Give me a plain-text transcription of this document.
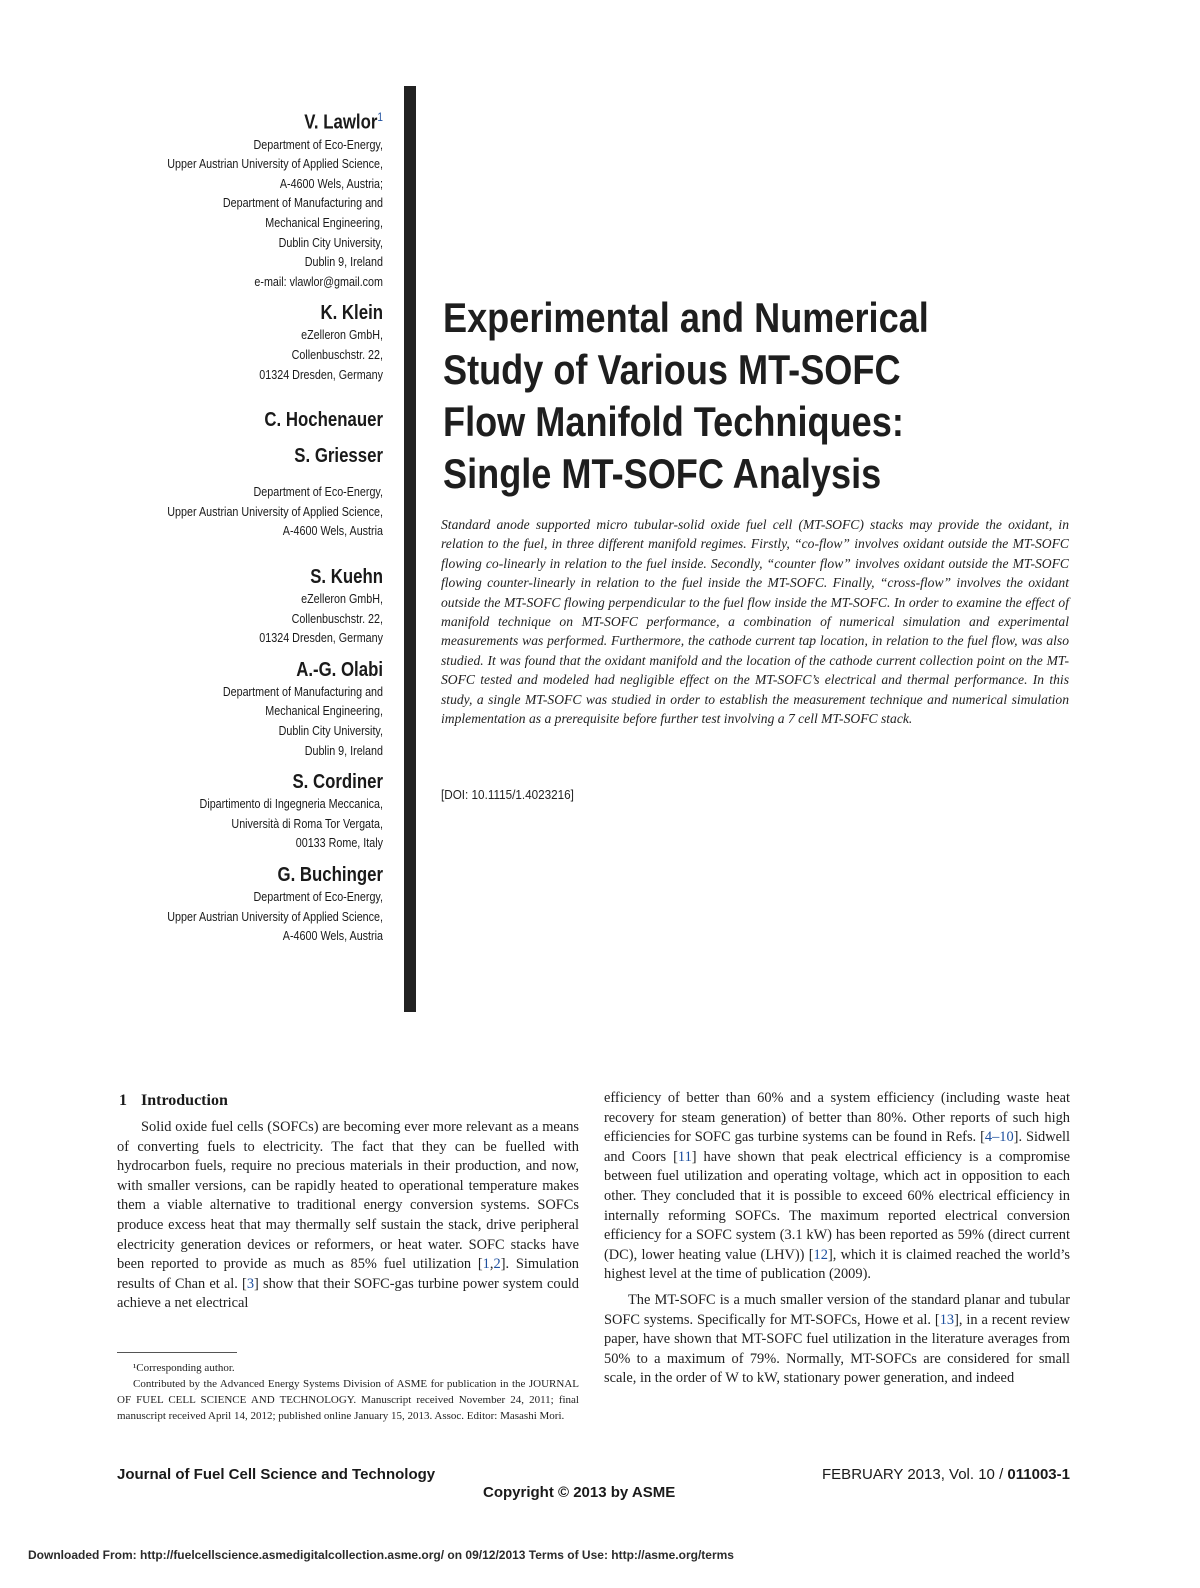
V. Lawlor$^1$
Department of Eco-Energy,
Upper Austrian University of Applied Science,
A-4600 Wels, Austria;
Department of Manufacturing and
Mechanical Engineering,
Dublin City University,
Dublin 9, Ireland
e-mail: vlawlor@gmail.com
K. Klein
eZelleron GmbH,
Collenbuschstr. 22,
01324 Dresden, Germany
C. Hochenauer
S. Griesser
Department of Eco-Energy,
Upper Austrian University of Applied Science,
A-4600 Wels, Austria
S. Kuehn
eZelleron GmbH,
Collenbuschstr. 22,
01324 Dresden, Germany
A.-G. Olabi
Department of Manufacturing and
Mechanical Engineering,
Dublin City University,
Dublin 9, Ireland
S. Cordiner
Dipartimento di Ingegneria Meccanica,
Università di Roma Tor Vergata,
00133 Rome, Italy
G. Buchinger
Department of Eco-Energy,
Upper Austrian University of Applied Science,
A-4600 Wels, Austria
Experimental and Numerical
Study of Various MT-SOFC
Flow Manifold Techniques:
Single MT-SOFC Analysis
Standard anode supported micro tubular-solid oxide fuel cell (MT-SOFC) stacks may provide the oxidant, in relation to the fuel, in three different manifold regimes. Firstly, “co-flow” involves oxidant outside the MT-SOFC flowing co-linearly in relation to the fuel inside. Secondly, “counter flow” involves oxidant outside the MT-SOFC flowing counter-linearly in relation to the fuel inside the MT-SOFC. Finally, “cross-flow” involves the oxidant outside the MT-SOFC flowing perpendicular to the fuel flow inside the MT-SOFC. In order to examine the effect of manifold technique on MT-SOFC performance, a combination of numerical simulation and experimental measurements was performed. Furthermore, the cathode current tap location, in relation to the fuel flow, was also studied. It was found that the oxidant manifold and the location of the cathode current collection point on the MT-SOFC tested and modeled had negligible effect on the MT-SOFC’s electrical and thermal performance. In this study, a single MT-SOFC was studied in order to establish the measurement technique and numerical simulation implementation as a prerequisite before further test involving a 7 cell MT-SOFC stack.
[DOI: 10.1115/1.4023216]
1 Introduction

Solid oxide fuel cells (SOFCs) are becoming ever more relevant as a means of converting fuels to electricity. The fact that they can be fuelled with hydrocarbon fuels, require no precious materials in their production, and now, with smaller versions, can be rapidly heated to operational temperature makes them a viable alternative to traditional energy conversion systems. SOFCs produce excess heat that may thermally self sustain the stack, drive peripheral electricity generation devices or reformers, or heat water. SOFC stacks have been reported to provide as much as 85% fuel utilization [1,2]. Simulation results of Chan et al. [3] show that their SOFC-gas turbine power system could achieve a net electrical

efficiency of better than 60% and a system efficiency (including waste heat recovery for steam generation) of better than 80%. Other reports of such high efficiencies for SOFC gas turbine systems can be found in Refs. [4–10]. Sidwell and Coors [11] have shown that peak electrical efficiency is a compromise between fuel utilization and operating voltage, which act in opposition to each other. They concluded that it is possible to exceed 60% electrical efficiency in internally reforming SOFCs. The maximum reported electrical conversion efficiency for a SOFC system (3.1 kW) has been reported as 59% (direct current (DC), lower heating value (LHV)) [12], which it is claimed reached the world’s highest level at the time of publication (2009).

The MT-SOFC is a much smaller version of the standard planar and tubular SOFC systems. Specifically for MT-SOFCs, Howe et al. [13], in a recent review paper, have shown that MT-SOFC fuel utilization in the literature averages from 50% to a maximum of 79%. Normally, MT-SOFCs are considered for small scale, in the order of W to kW, stationary power generation, and indeed

¹Corresponding author.

Contributed by the Advanced Energy Systems Division of ASME for publication in the JOURNAL OF FUEL CELL SCIENCE AND TECHNOLOGY. Manuscript received November 24, 2011; final manuscript received April 14, 2012; published online January 15, 2013. Assoc. Editor: Masashi Mori.

Journal of Fuel Cell Science and Technology	FEBRUARY 2013, Vol. 10 / 011003-1
Copyright © 2013 by ASME
Downloaded From: http://fuelcellscience.asmedigitalcollection.asme.org/ on 09/12/2013 Terms of Use: http://asme.org/terms
